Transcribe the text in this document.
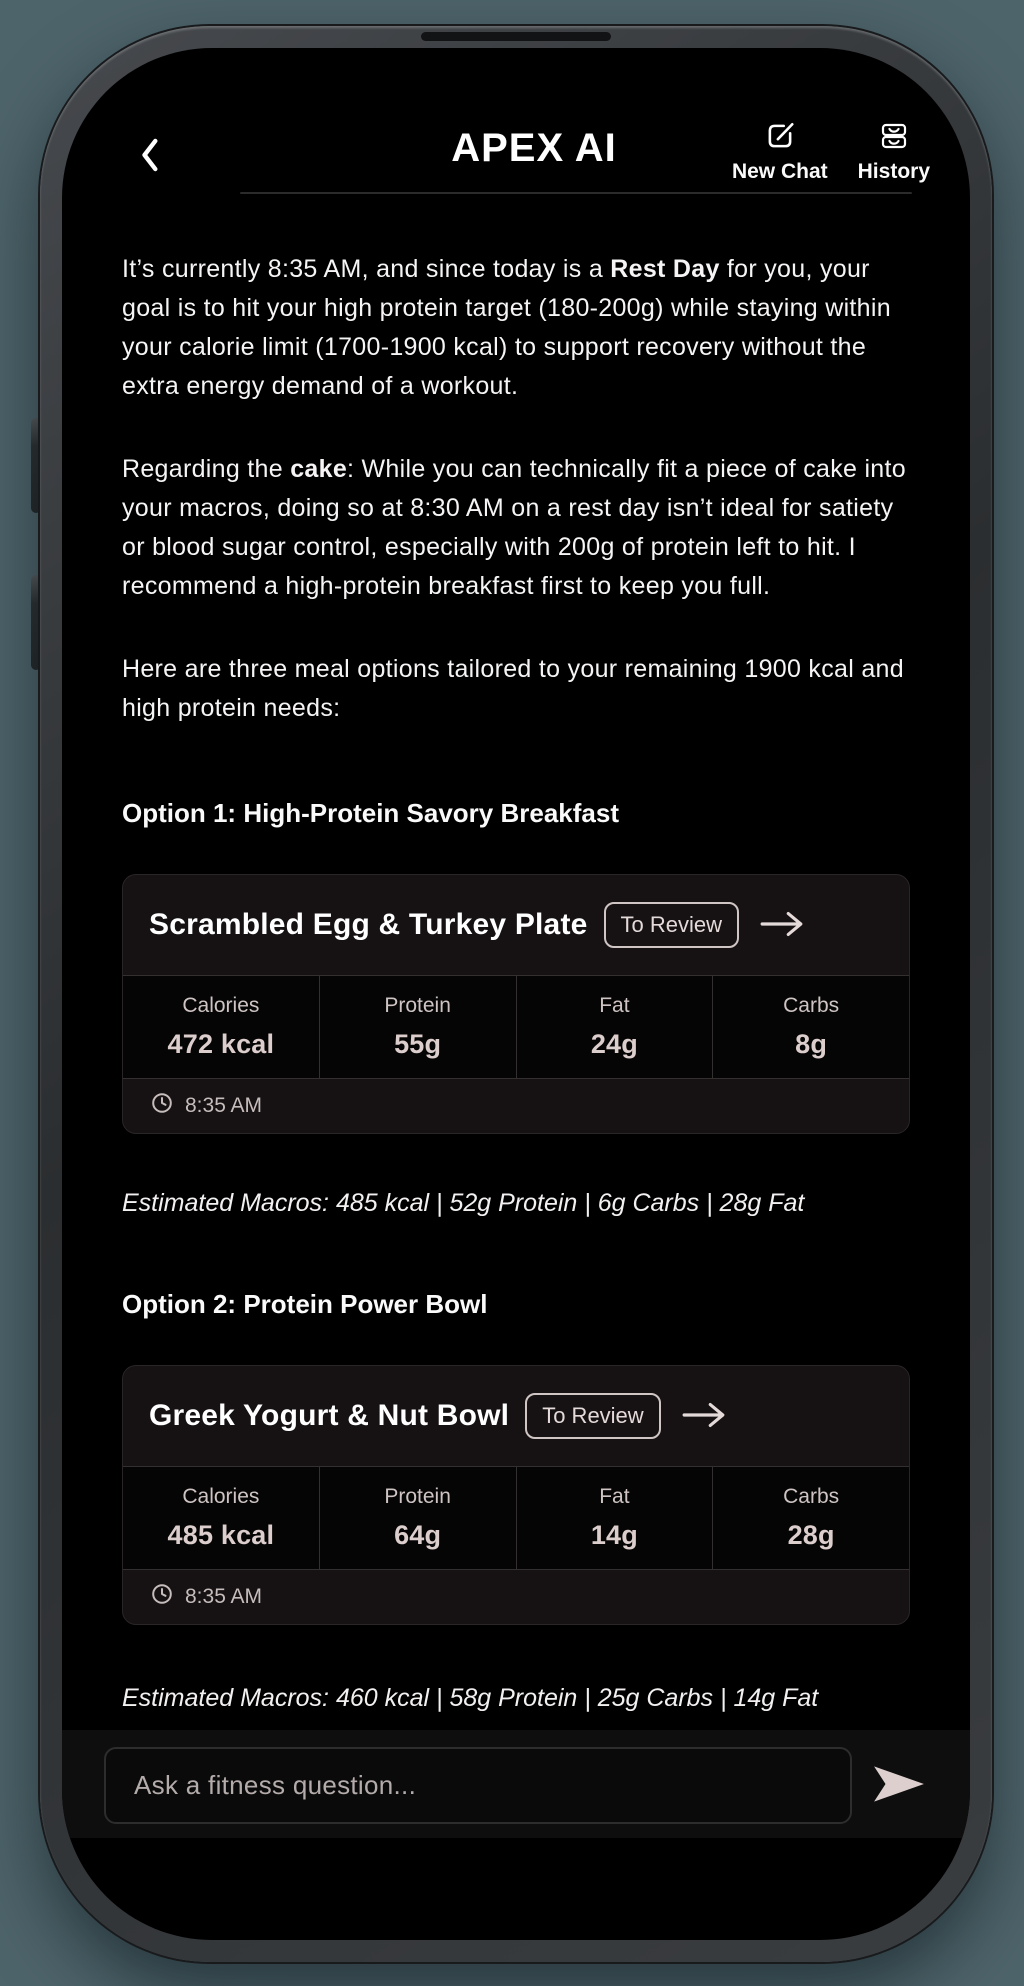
APEX AI
New Chat History

It’s currently 8:35 AM, and since today is a Rest Day for you, your goal is to hit your high protein target (180-200g) while staying within your calorie limit (1700-1900 kcal) to support recovery without the extra energy demand of a workout.

Regarding the cake: While you can technically fit a piece of cake into your macros, doing so at 8:30 AM on a rest day isn’t ideal for satiety or blood sugar control, especially with 200g of protein left to hit. I recommend a high-protein breakfast first to keep you full.

Here are three meal options tailored to your remaining 1900 kcal and high protein needs:

Option 1: High-Protein Savory Breakfast
Scrambled Egg & Turkey Plate	To Review
Calories
472 kcal
Protein
55g
Fat
24g
Carbs
8g
8:35 AM

Estimated Macros: 485 kcal | 52g Protein | 6g Carbs | 28g Fat

Option 2: Protein Power Bowl
Greek Yogurt & Nut Bowl	To Review
Calories
485 kcal
Protein
64g
Fat
14g
Carbs
28g
8:35 AM

Estimated Macros: 460 kcal | 58g Protein | 25g Carbs | 14g Fat

Ask a fitness question...
